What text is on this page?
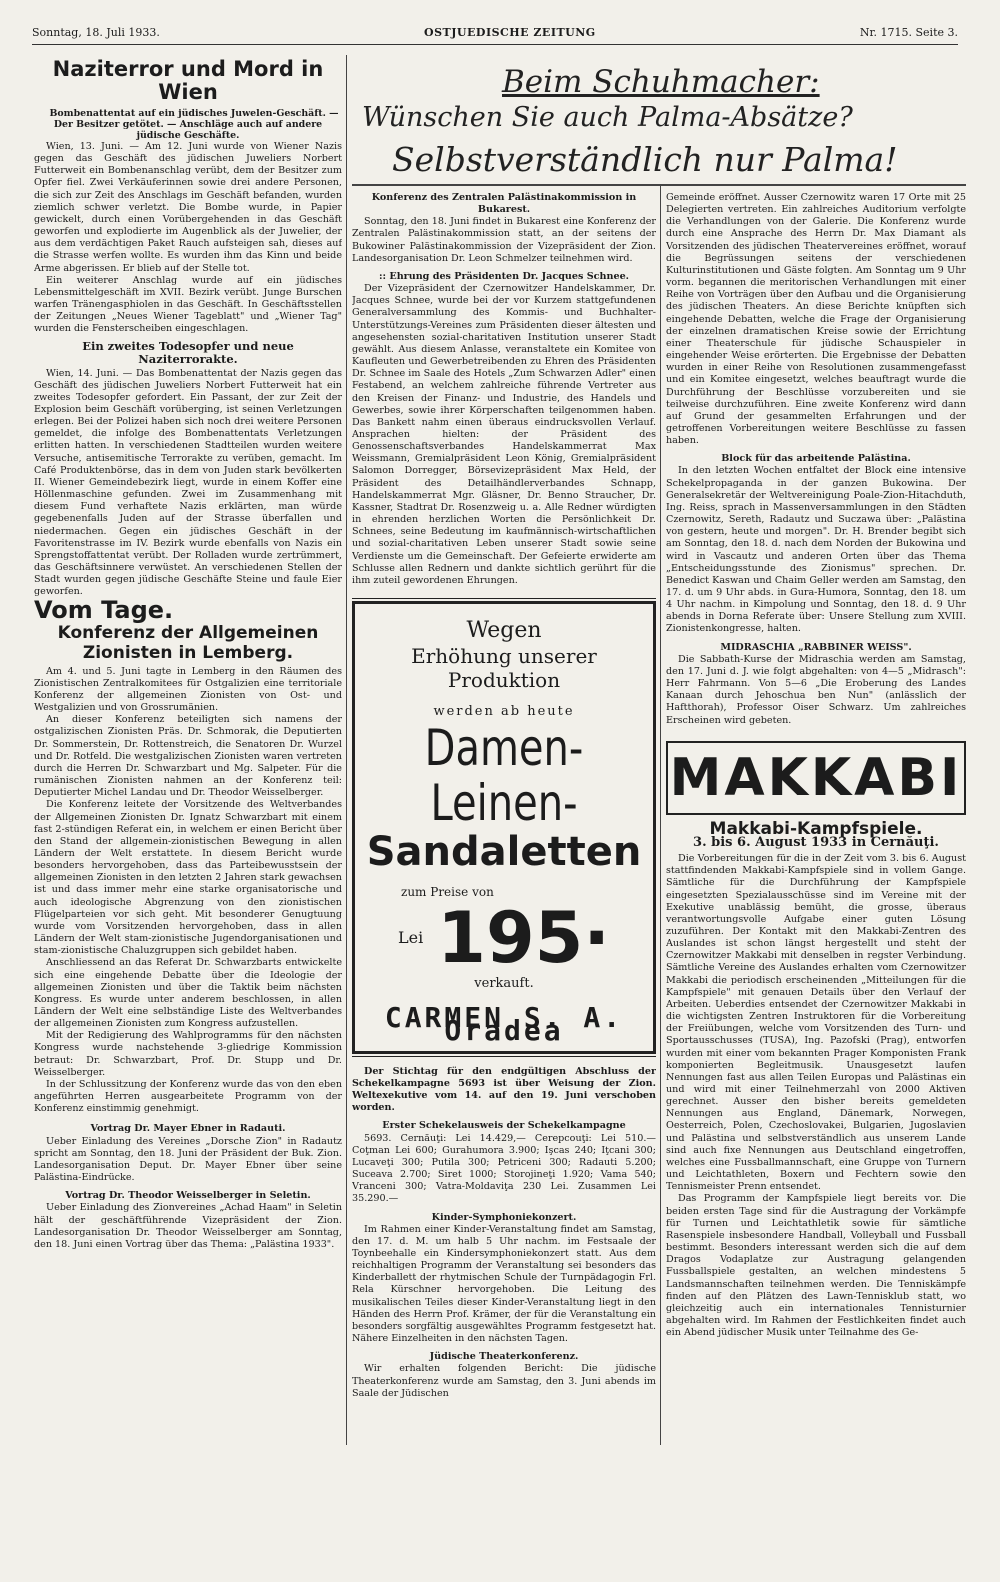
Sonntag, 18. Juli 1933.	OSTJUEDISCHE ZEITUNG	Nr. 1715. Seite 3.
Naziterror und Mord in Wien

Bombenattentat auf ein jüdisches Juwelen-Geschäft. — Der Besitzer getötet. — Anschläge auch auf andere jüdische Geschäfte.

Wien, 13. Juni. — Am 12. Juni wurde von Wiener Nazis gegen das Geschäft des jüdischen Juweliers Norbert Futterweit ein Bombenanschlag verübt, dem der Besitzer zum Opfer fiel. Zwei Verkäuferinnen sowie drei andere Personen, die sich zur Zeit des Anschlags im Geschäft befanden, wurden ziemlich schwer verletzt. Die Bombe wurde, in Papier gewickelt, durch einen Vorübergehenden in das Geschäft geworfen und explodierte im Augenblick als der Juwelier, der aus dem verdächtigen Paket Rauch aufsteigen sah, dieses auf die Strasse werfen wollte. Es wurden ihm das Kinn und beide Arme abgerissen. Er blieb auf der Stelle tot.

Ein weiterer Anschlag wurde auf ein jüdisches Lebensmittelgeschäft im XVII. Bezirk verübt. Junge Burschen warfen Tränengasphiolen in das Geschäft. In Geschäftsstellen der Zeitungen „Neues Wiener Tageblatt" und „Wiener Tag" wurden die Fensterscheiben eingeschlagen.

Ein zweites Todesopfer und neue Naziterrorakte.

Wien, 14. Juni. — Das Bombenattentat der Nazis gegen das Geschäft des jüdischen Juweliers Norbert Futterweit hat ein zweites Todesopfer gefordert. Ein Passant, der zur Zeit der Explosion beim Geschäft vorüberging, ist seinen Verletzungen erlegen. Bei der Polizei haben sich noch drei weitere Personen gemeldet, die infolge des Bombenattentats Verletzungen erlitten hatten. In verschiedenen Stadtteilen wurden weitere Versuche, antisemitische Terrorakte zu verüben, gemacht. Im Café Produktenbörse, das in dem von Juden stark bevölkerten II. Wiener Gemeindebezirk liegt, wurde in einem Koffer eine Höllenmaschine gefunden. Zwei im Zusammenhang mit diesem Fund verhaftete Nazis erklärten, man würde gegebenenfalls Juden auf der Strasse überfallen und niedermachen. Gegen ein jüdisches Geschäft in der Favoritenstrasse im IV. Bezirk wurde ebenfalls von Nazis ein Sprengstoffattentat verübt. Der Rolladen wurde zertrümmert, das Geschäftsinnere verwüstet. An verschiedenen Stellen der Stadt wurden gegen jüdische Geschäfte Steine und faule Eier geworfen.

Vom Tage.
Konferenz der Allgemeinen Zionisten in Lemberg.

Am 4. und 5. Juni tagte in Lemberg in den Räumen des Zionistischen Zentralkomitees für Ostgalizien eine territoriale Konferenz der allgemeinen Zionisten von Ost- und Westgalizien und von Grossrumänien.

An dieser Konferenz beteiligten sich namens der ostgalizischen Zionisten Präs. Dr. Schmorak, die Deputierten Dr. Sommerstein, Dr. Rottenstreich, die Senatoren Dr. Wurzel und Dr. Rotfeld. Die westgalizischen Zionisten waren vertreten durch die Herren Dr. Schwarzbart und Mg. Salpeter. Für die rumänischen Zionisten nahmen an der Konferenz teil: Deputierter Michel Landau und Dr. Theodor Weisselberger.

Die Konferenz leitete der Vorsitzende des Weltverbandes der Allgemeinen Zionisten Dr. Ignatz Schwarzbart mit einem fast 2-stündigen Referat ein, in welchem er einen Bericht über den Stand der allgemein-zionistischen Bewegung in allen Ländern der Welt erstattete. In diesem Bericht wurde besonders hervorgehoben, dass das Parteibewusstsein der allgemeinen Zionisten in den letzten 2 Jahren stark gewachsen ist und dass immer mehr eine starke organisatorische und auch ideologische Abgrenzung von den zionistischen Flügelparteien vor sich geht. Mit besonderer Genugtuung wurde vom Vorsitzenden hervorgehoben, dass in allen Ländern der Welt stam-zionistische Jugendorganisationen und stam-zionistische Chaluzgruppen sich gebildet haben.

Anschliessend an das Referat Dr. Schwarzbarts entwickelte sich eine eingehende Debatte über die Ideologie der allgemeinen Zionisten und über die Taktik beim nächsten Kongress. Es wurde unter anderem beschlossen, in allen Ländern der Welt eine selbständige Liste des Weltverbandes der allgemeinen Zionisten zum Kongress aufzustellen.

Mit der Redigierung des Wahlprogramms für den nächsten Kongress wurde nachstehende 3-gliedrige Kommission betraut: Dr. Schwarzbart, Prof. Dr. Stupp und Dr. Weisselberger.

In der Schlussitzung der Konferenz wurde das von den eben angeführten Herren ausgearbeitete Programm von der Konferenz einstimmig genehmigt.

Vortrag Dr. Mayer Ebner in Radauti.

Ueber Einladung des Vereines „Dorsche Zion" in Radautz spricht am Sonntag, den 18. Juni der Präsident der Buk. Zion. Landesorganisation Deput. Dr. Mayer Ebner über seine Palästina-Eindrücke.

Vortrag Dr. Theodor Weisselberger in Seletin.

Ueber Einladung des Zionvereines „Achad Haam" in Seletin hält der geschäftführende Vizepräsident der Zion. Landesorganisation Dr. Theodor Weisselberger am Sonntag, den 18. Juni einen Vortrag über das Thema: „Palästina 1933".

Beim Schuhmacher:
Wünschen Sie auch Palma-Absätze?
Selbstverständlich nur Palma!

Konferenz des Zentralen Palästinakommission in Bukarest.

Sonntag, den 18. Juni findet in Bukarest eine Konferenz der Zentralen Palästinakommission statt, an der seitens der Bukowiner Palästinakommission der Vizepräsident der Zion. Landesorganisation Dr. Leon Schmelzer teilnehmen wird.

:: Ehrung des Präsidenten Dr. Jacques Schnee.

Der Vizepräsident der Czernowitzer Handelskammer, Dr. Jacques Schnee, wurde bei der vor Kurzem stattgefundenen Generalversammlung des Kommis- und Buchhalter-Unterstützungs-Vereines zum Präsidenten dieser ältesten und angesehensten sozial-charitativen Institution unserer Stadt gewählt. Aus diesem Anlasse, veranstaltete ein Komitee von Kaufleuten und Gewerbetreibenden zu Ehren des Präsidenten Dr. Schnee im Saale des Hotels „Zum Schwarzen Adler" einen Festabend, an welchem zahlreiche führende Vertreter aus den Kreisen der Finanz- und Industrie, des Handels und Gewerbes, sowie ihrer Körperschaften teilgenommen haben. Das Bankett nahm einen überaus eindrucksvollen Verlauf. Ansprachen hielten: der Präsident des Genossenschaftsverbandes Handelskammerrat Max Weissmann, Gremialpräsident Leon König, Gremialpräsident Salomon Dorregger, Börsevizepräsident Max Held, der Präsident des Detailhändlerverbandes Schnapp, Handelskammerrat Mgr. Gläsner, Dr. Benno Straucher, Dr. Kassner, Stadtrat Dr. Rosenzweig u. a. Alle Redner würdigten in ehrenden herzlichen Worten die Persönlichkeit Dr. Schnees, seine Bedeutung im kaufmännisch-wirtschaftlichen und sozial-charitativen Leben unserer Stadt sowie seine Verdienste um die Gemeinschaft. Der Gefeierte erwiderte am Schlusse allen Rednern und dankte sichtlich gerührt für die ihm zuteil gewordenen Ehrungen.

Wegen
Erhöhung unserer Produktion
werden ab heute
Damen-Leinen-
Sandaletten
zum Preise von
Lei 195·
verkauft.
CARMEN S. A. Oradea

Der Stichtag für den endgültigen Abschluss der Schekelkampagne 5693 ist über Weisung der Zion. Weltexekutive vom 14. auf den 19. Juni verschoben worden.

Erster Schekelausweis der Schekelkampagne

5693. Cernăuţi: Lei 14.429,— Cerepcouţi: Lei 510.— Coţman Lei 600; Gurahumora 3.900; Işcas 240; Iţcani 300; Lucaveţi 300; Putila 300; Petriceni 300; Radauti 5.200; Suceava 2.700; Siret 1000; Storojineţi 1.920; Vama 540; Vranceni 300; Vatra-Moldaviţa 230 Lei. Zusammen Lei 35.290.—

Kinder-Symphoniekonzert.

Im Rahmen einer Kinder-Veranstaltung findet am Samstag, den 17. d. M. um halb 5 Uhr nachm. im Festsaale der Toynbeehalle ein Kindersymphoniekonzert statt. Aus dem reichhaltigen Programm der Veranstaltung sei besonders das Kinderballett der rhytmischen Schule der Turnpädagogin Frl. Rela Kürschner hervorgehoben. Die Leitung des musikalischen Teiles dieser Kinder-Veranstaltung liegt in den Händen des Herrn Prof. Krämer, der für die Veranstaltung ein besonders sorgfältig ausgewähltes Programm festgesetzt hat. Nähere Einzelheiten in den nächsten Tagen.

Jüdische Theaterkonferenz.

Wir erhalten folgenden Bericht: Die jüdische Theaterkonferenz wurde am Samstag, den 3. Juni abends im Saale der Jüdischen

Gemeinde eröffnet. Ausser Czernowitz waren 17 Orte mit 25 Delegierten vertreten. Ein zahlreiches Auditorium verfolgte die Verhandlungen von der Galerie. Die Konferenz wurde durch eine Ansprache des Herrn Dr. Max Diamant als Vorsitzenden des jüdischen Theatervereines eröffnet, worauf die Begrüssungen seitens der verschiedenen Kulturinstitutionen und Gäste folgten. Am Sonntag um 9 Uhr vorm. begannen die meritorischen Verhandlungen mit einer Reihe von Vorträgen über den Aufbau und die Organisierung des jüdischen Theaters. An diese Berichte knüpften sich eingehende Debatten, welche die Frage der Organisierung der einzelnen dramatischen Kreise sowie der Errichtung einer Theaterschule für jüdische Schauspieler in eingehender Weise erörterten. Die Ergebnisse der Debatten wurden in einer Reihe von Resolutionen zusammengefasst und ein Komitee eingesetzt, welches beauftragt wurde die Durchführung der Beschlüsse vorzubereiten und sie teilweise durchzuführen. Eine zweite Konferenz wird dann auf Grund der gesammelten Erfahrungen und der getroffenen Vorbereitungen weitere Beschlüsse zu fassen haben.

Block für das arbeitende Palästina.

In den letzten Wochen entfaltet der Block eine intensive Schekelpropaganda in der ganzen Bukowina. Der Generalsekretär der Weltvereinigung Poale-Zion-Hitachduth, Ing. Reiss, sprach in Massenversammlungen in den Städten Czernowitz, Sereth, Radautz und Suczawa über: „Palästina von gestern, heute und morgen". Dr. H. Brender begibt sich am Sonntag, den 18. d. nach dem Norden der Bukowina und wird in Vascautz und anderen Orten über das Thema „Entscheidungsstunde des Zionismus" sprechen. Dr. Benedict Kaswan und Chaim Geller werden am Samstag, den 17. d. um 9 Uhr abds. in Gura-Humora, Sonntag, den 18. um 4 Uhr nachm. in Kimpolung und Sonntag, den 18. d. 9 Uhr abends in Dorna Referate über: Unsere Stellung zum XVIII. Zionistenkongresse, halten.

MIDRASCHIA „RABBINER WEISS".

Die Sabbath-Kurse der Midraschia werden am Samstag, den 17. Juni d. J. wie folgt abgehalten: von 4—5 „Midrasch": Herr Fahrmann. Von 5—6 „Die Eroberung des Landes Kanaan durch Jehoschua ben Nun" (anlässlich der Haftthorah), Professor Oiser Schwarz. Um zahlreiches Erscheinen wird gebeten.

MAKKABI
Makkabi-Kampfspiele.
3. bis 6. August 1933 in Cernăuţi.

Die Vorbereitungen für die in der Zeit vom 3. bis 6. August stattfindenden Makkabi-Kampfspiele sind in vollem Gange. Sämtliche für die Durchführung der Kampfspiele eingesetzten Spezialausschüsse sind im Vereine mit der Exekutive unablässig bemüht, die grosse, überaus verantwortungsvolle Aufgabe einer guten Lösung zuzuführen. Der Kontakt mit den Makkabi-Zentren des Auslandes ist schon längst hergestellt und steht der Czernowitzer Makkabi mit denselben in regster Verbindung. Sämtliche Vereine des Auslandes erhalten vom Czernowitzer Makkabi die periodisch erscheinenden „Mitteilungen für die Kampfspiele" mit genauen Details über den Verlauf der Arbeiten. Ueberdies entsendet der Czernowitzer Makkabi in die wichtigsten Zentren Instruktoren für die Vorbereitung der Freiübungen, welche vom Vorsitzenden des Turn- und Sportausschusses (TUSA), Ing. Pazofski (Prag), entworfen wurden mit einer vom bekannten Prager Komponisten Frank komponierten Begleitmusik. Unausgesetzt laufen Nennungen fast aus allen Teilen Europas und Palästinas ein und wird mit einer Teilnehmerzahl von 2000 Aktiven gerechnet. Ausser den bisher bereits gemeldeten Nennungen aus England, Dänemark, Norwegen, Oesterreich, Polen, Czechoslovakei, Bulgarien, Jugoslavien und Palästina und selbstverständlich aus unserem Lande sind auch fixe Nennungen aus Deutschland eingetroffen, welches eine Fussballmannschaft, eine Gruppe von Turnern und Leichtathleten, Boxern und Fechtern sowie den Tennismeister Prenn entsendet.

Das Programm der Kampfspiele liegt bereits vor. Die beiden ersten Tage sind für die Austragung der Vorkämpfe für Turnen und Leichtathletik sowie für sämtliche Rasenspiele insbesondere Handball, Volleyball und Fussball bestimmt. Besonders interessant werden sich die auf dem Dragos Vodaplatze zur Austragung gelangenden Fussballspiele gestalten, an welchen mindestens 5 Landsmannschaften teilnehmen werden. Die Tenniskämpfe finden auf den Plätzen des Lawn-Tennisklub statt, wo gleichzeitig auch ein internationales Tennisturnier abgehalten wird. Im Rahmen der Festlichkeiten findet auch ein Abend jüdischer Musik unter Teilnahme des Ge-
